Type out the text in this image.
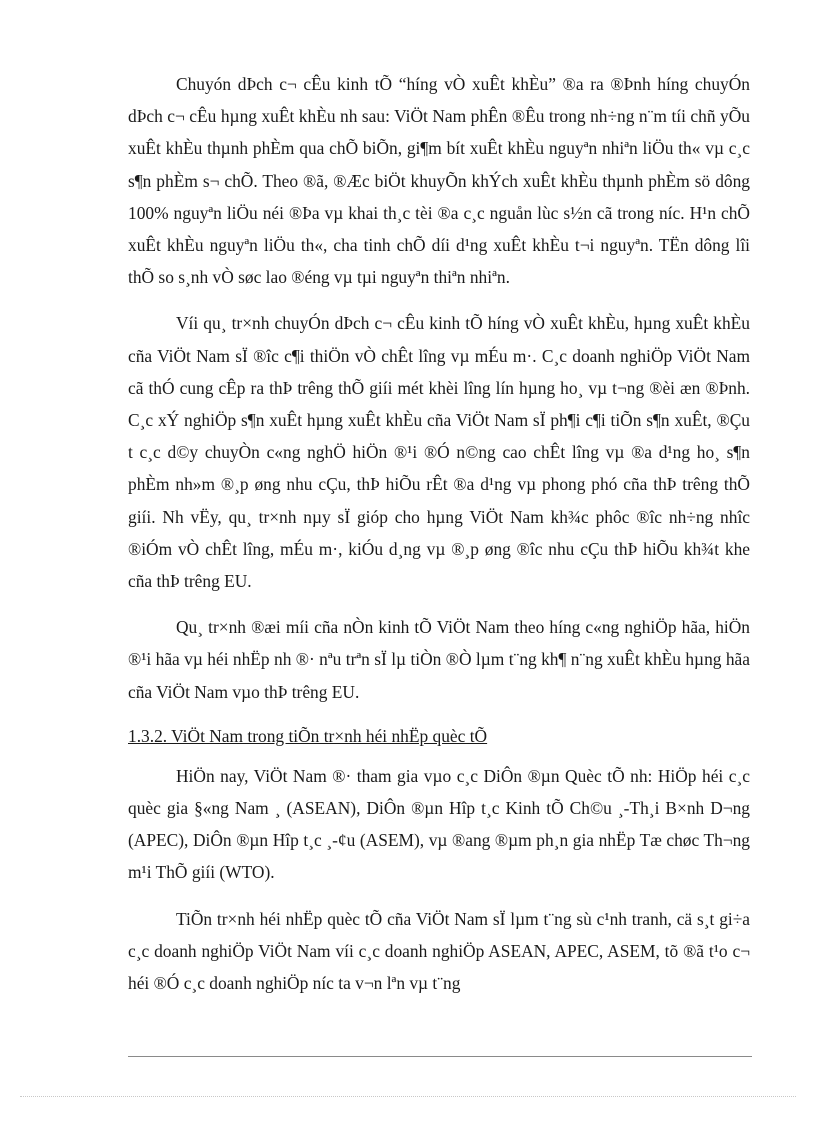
Chuyón dÞch c¬ cÊu kinh tÕ “híng vÒ xuÊt khÈu” ®a ra ®Þnh híng chuyÓn dÞch c¬ cÊu hµng xuÊt khÈu nh sau: ViÖt Nam phÊn ®Êu trong nh÷ng n¨m tíi chñ yÕu xuÊt khÈu thµnh phÈm qua chÕ biÕn, gi¶m bít xuÊt khÈu nguyªn nhiªn liÖu th« vµ c¸c s¶n phÈm s¬ chÕ. Theo ®ã, ®Æc biÖt khuyÕn khÝch xuÊt khÈu thµnh phÈm sö dông 100% nguyªn liÖu néi ®Þa vµ khai th¸c tèi ®a c¸c nguån lùc s½n cã trong níc. H¹n chÕ xuÊt khÈu nguyªn liÖu th«, cha tinh chÕ díi d¹ng xuÊt khÈu t¬i nguyªn. TËn dông lîi thÕ so s¸nh vÒ søc lao ®éng vµ tµi nguyªn thiªn nhiªn.

Víi qu¸ tr×nh chuyÓn dÞch c¬ cÊu kinh tÕ híng vÒ xuÊt khÈu, hµng xuÊt khÈu cña ViÖt Nam sÏ ®îc c¶i thiÖn vÒ chÊt lîng vµ mÉu m·. C¸c doanh nghiÖp ViÖt Nam cã thÓ cung cÊp ra thÞ trêng thÕ giíi mét khèi lîng lín hµng ho¸ vµ t¬ng ®èi æn ®Þnh. C¸c xÝ nghiÖp s¶n xuÊt hµng xuÊt khÈu cña ViÖt Nam sÏ ph¶i c¶i tiÕn s¶n xuÊt, ®Çu t c¸c d©y chuyÒn c«ng nghÖ hiÖn ®¹i ®Ó n©ng cao chÊt lîng vµ ®a d¹ng ho¸ s¶n phÈm nh»m ®¸p øng nhu cÇu, thÞ hiÕu rÊt ®a d¹ng vµ phong phó cña thÞ trêng thÕ giíi. Nh vËy, qu¸ tr×nh nµy sÏ gióp cho hµng ViÖt Nam kh¾c phôc ®îc nh÷ng nhîc ®iÓm vÒ chÊt lîng, mÉu m·, kiÓu d¸ng vµ ®¸p øng ®îc nhu cÇu thÞ hiÕu kh¾t khe cña thÞ trêng EU.

Qu¸ tr×nh ®æi míi cña nÒn kinh tÕ ViÖt Nam theo híng c«ng nghiÖp hãa, hiÖn ®¹i hãa vµ héi nhËp nh ®· nªu trªn sÏ lµ tiÒn ®Ò lµm t¨ng kh¶ n¨ng xuÊt khÈu hµng hãa cña ViÖt Nam vµo thÞ trêng EU.

1.3.2. ViÖt Nam trong tiÕn tr×nh héi nhËp quèc tÕ

HiÖn nay, ViÖt Nam ®· tham gia vµo c¸c DiÔn ®µn Quèc tÕ nh: HiÖp héi c¸c quèc gia §«ng Nam ¸ (ASEAN), DiÔn ®µn Hîp t¸c Kinh tÕ Ch©u ¸-Th¸i B×nh D¬ng (APEC), DiÔn ®µn Hîp t¸c ¸-¢u (ASEM), vµ ®ang ®µm ph¸n gia nhËp Tæ chøc Th¬ng m¹i ThÕ giíi (WTO).

TiÕn tr×nh héi nhËp quèc tÕ cña ViÖt Nam sÏ lµm t¨ng sù c¹nh tranh, cä s¸t gi÷a c¸c doanh nghiÖp ViÖt Nam víi c¸c doanh nghiÖp ASEAN, APEC, ASEM, tõ ®ã t¹o c¬ héi ®Ó c¸c doanh nghiÖp níc ta v¬n lªn vµ t¨ng
